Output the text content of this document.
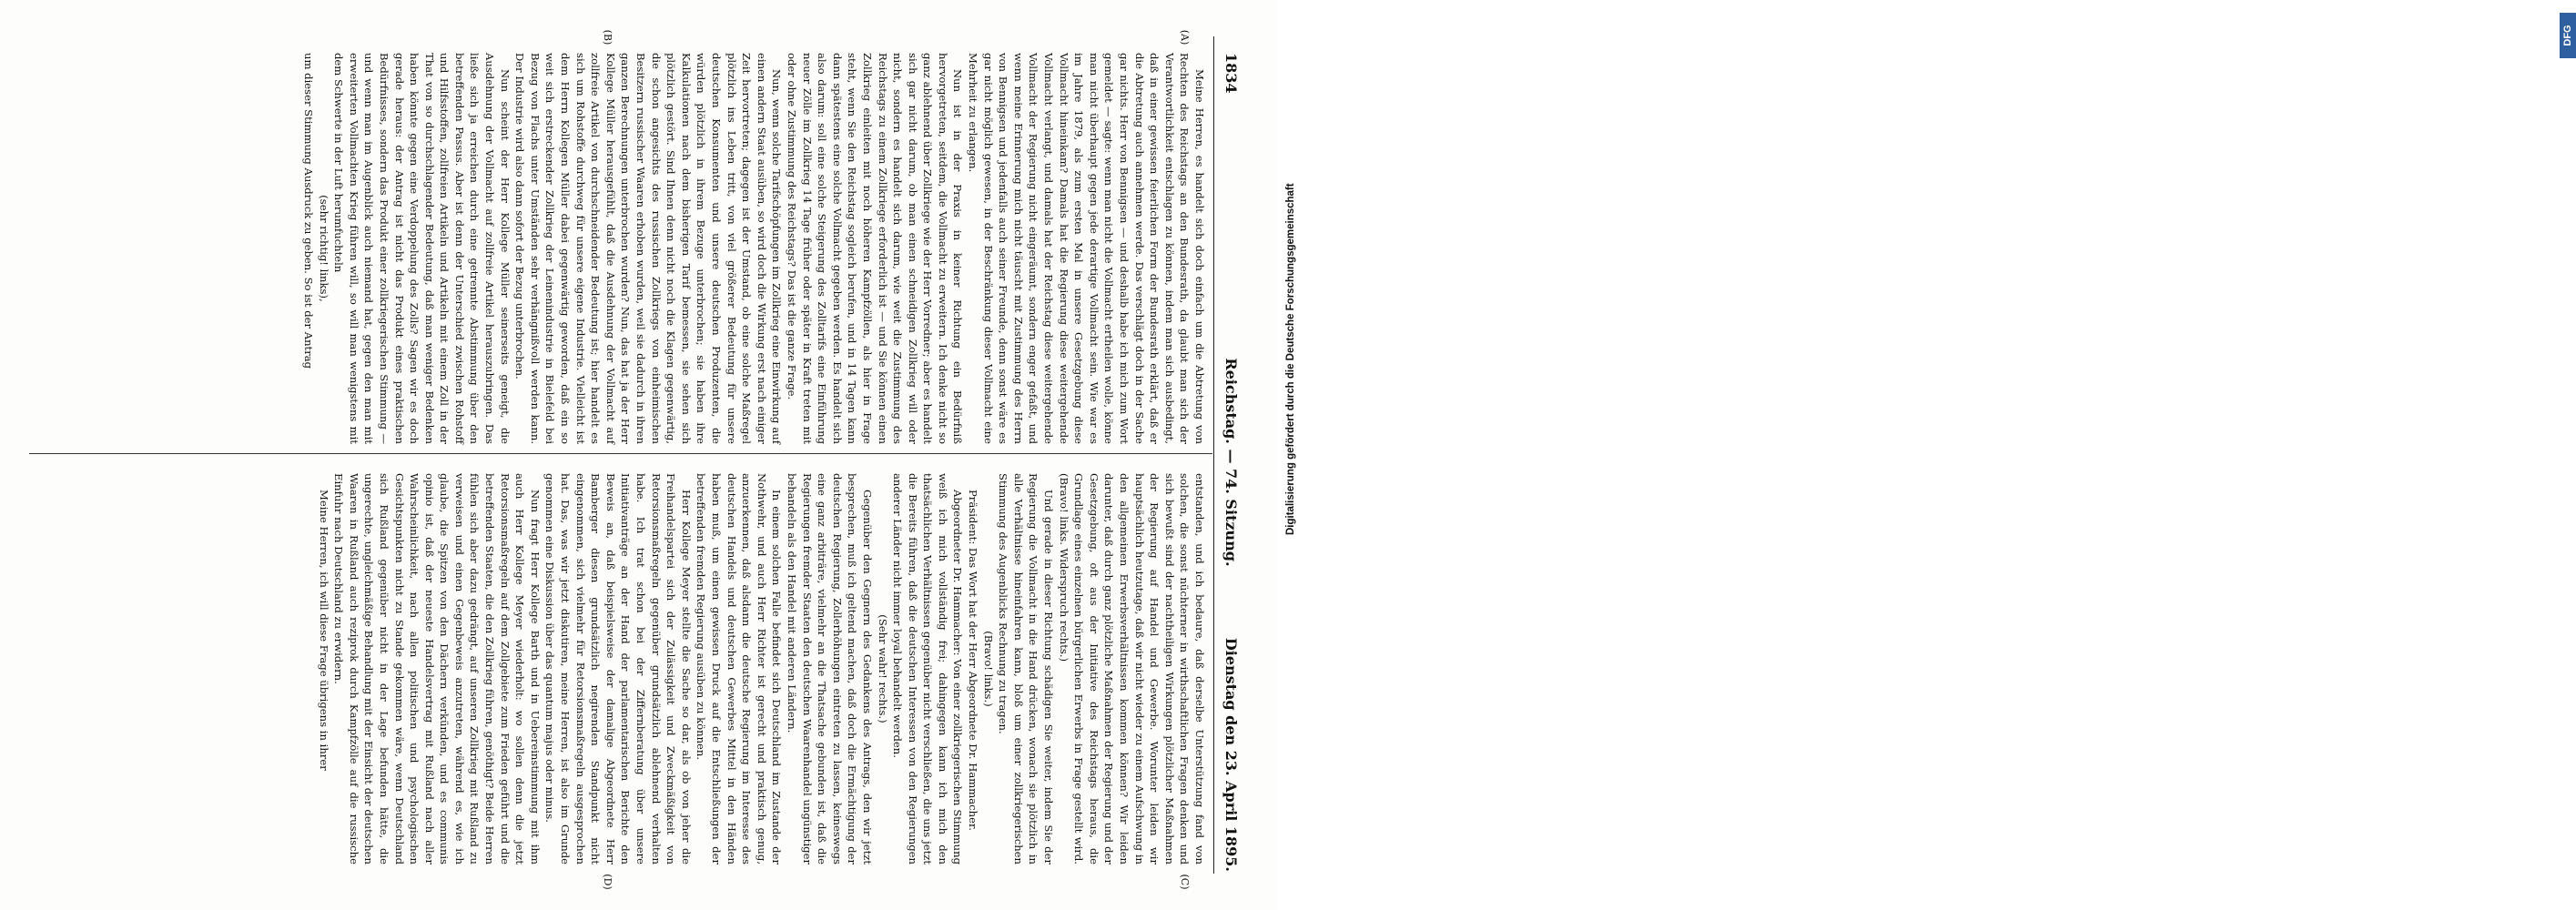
1834
Reichstag. — 74. Sitzung.
Dienstag den 23. April 1895.
(A)
(B)
(C)
(D)

Meine Herren, es handelt sich doch einfach um die Abtretung von Rechten des Reichstags an den Bundesrath, da glaubt man sich der Verantwortlichkeit entschlagen zu können, indem man sich ausbedingt, daß in einer gewissen feierlichen Form der Bundesrath erklärt, daß er die Abtretung auch annehmen werde. Das verschlägt doch in der Sache gar nichts. Herr von Bennigsen — und deshalb habe ich mich zum Wort gemeldet — sagte: wenn man nicht die Vollmacht ertheilen wolle, könne man nicht überhaupt gegen jede derartige Vollmacht sein. Wie war es im Jahre 1879, als zum ersten Mal in unsere Gesetzgebung diese Vollmacht hineinkam? Damals hat die Regierung diese weitergehende Vollmacht verlangt, und damals hat der Reichstag diese weitergehende Vollmacht der Regierung nicht eingeräumt, sondern enger gefaßt, und wenn meine Erinnerung mich nicht täuscht mit Zustimmung des Herrn von Bennigsen und jedenfalls auch seiner Freunde, denn sonst wäre es gar nicht möglich gewesen, in der Beschränkung dieser Vollmacht eine Mehrheit zu erlangen.

Nun ist in der Praxis in keiner Richtung ein Bedürfniß hervorgetreten, seitdem, die Vollmacht zu erweitern. Ich denke nicht so ganz ablehnend über Zollkriege wie der Herr Vorredner; aber es handelt sich gar nicht darum, ob man einen schneidigen Zollkrieg will oder nicht, sondern es handelt sich darum, wie weit die Zustimmung des Reichstags zu einem Zollkriege erforderlich ist — und Sie können einen Zollkrieg einleiten mit noch höheren Kampfzöllen, als hier in Frage steht, wenn Sie den Reichstag sogleich berufen, und in 14 Tagen kann dann spätestens eine solche Vollmacht gegeben werden. Es handelt sich also darum: soll eine solche Steigerung des Zolltarifs eine Einführung neuer Zölle im Zollkrieg 14 Tage früher oder später in Kraft treten mit oder ohne Zustimmung des Reichstags? Das ist die ganze Frage.

Nun, wenn solche Tarifschöpfungen im Zollkrieg eine Einwirkung auf einen andern Staat ausüben, so wird doch die Wirkung erst nach einiger Zeit hervortreten; dagegen ist der Umstand, ob eine solche Maßregel plötzlich ins Leben tritt, von viel größerer Bedeutung für unsere deutschen Konsumenten und unsere deutschen Produzenten, die würden plötzlich in ihrem Bezuge unterbrochen; sie haben ihre Kalkulationen nach dem bisherigen Tarif bemessen, sie sehen sich plötzlich gestört. Sind Ihnen denn nicht noch die Klagen gegenwärtig, die schon angesichts des russischen Zollkriegs von einheimischen Besitzern russischer Waaren erhoben wurden, weil sie dadurch in ihren ganzen Berechnungen unterbrochen wurden? Nun, das hat ja der Herr Kollege Müller herausgefühlt, daß die Ausdehnung der Vollmacht auf zollfreie Artikel von durchschneidender Bedeutung ist; hier handelt es sich um Rohstoffe durchweg für unsere eigene Industrie. Vielleicht ist dem Herrn Kollegen Müller dabei gegenwärtig geworden, daß ein so weit sich erstreckender Zollkrieg der Leinenindustrie in Bielefeld bei Bezug von Flachs unter Umständen sehr verhängnißvoll werden kann. Der Industrie wird also dann sofort der Bezug unterbrochen.

Nun scheint der Herr Kollege Müller seinerseits geneigt, die Ausdehnung der Vollmacht auf zollfreie Artikel herauszubringen. Das ließe sich ja erreichen durch eine getrennte Abstimmung über den betreffenden Passus. Aber ist denn der Unterschied zwischen Rohstoff und Hilfsstoffen, zollfreien Artikeln und Artikeln mit einem Zoll in der That von so durchschlagender Bedeutung, daß man weniger Bedenken haben könnte gegen eine Verdoppelung des Zolls? Sagen wir es doch gerade heraus: der Antrag ist nicht das Produkt eines praktischen Bedürfnisses, sondern das Produkt einer zollkriegerischen Stimmung — und wenn man im Augenblick auch niemand hat, gegen den man mit erweiterten Vollmachten Krieg führen will, so will man wenigstens mit dem Schwerte in der Luft herumfuchteln

(sehr richtig! links),

um dieser Stimmung Ausdruck zu geben. So ist der Antrag

entstanden, und ich bedaure, daß derselbe Unterstützung fand von solchen, die sonst nüchterner in wirthschaftlichen Fragen denken und sich bewußt sind der nachtheiligen Wirkungen plötzlicher Maßnahmen der Regierung auf Handel und Gewerbe. Worunter leiden wir hauptsächlich heutzutage, daß wir nicht wieder zu einem Aufschwung in den allgemeinen Erwerbsverhältnissen kommen können? Wir leiden darunter, daß durch ganz plötzliche Maßnahmen der Regierung und der Gesetzgebung, oft aus der Initiative des Reichstags heraus, die Grundlage eines einzelnen bürgerlichen Erwerbs in Frage gestellt wird. (Bravo! links. Widerspruch rechts.)

Und gerade in dieser Richtung schädigen Sie weiter, indem Sie der Regierung die Vollmacht in die Hand drücken, wonach sie plötzlich in alle Verhältnisse hineinfahren kann, bloß um einer zollkriegerischen Stimmung des Augenblicks Rechnung zu tragen.

(Bravo! links.)

Präsident: Das Wort hat der Herr Abgeordnete Dr. Hammacher.

Abgeordneter Dr. Hammacher: Von einer zollkriegerischen Stimmung weiß ich mich vollständig frei; dahingegen kann ich mich den thatsächlichen Verhältnissen gegenüber nicht verschließen, die uns jetzt die Bereits führen, daß die deutschen Interessen von den Regierungen anderer Länder nicht immer loyal behandelt werden.

(Sehr wahr! rechts.)

Gegenüber den Gegnern des Gedankens des Antrags, den wir jetzt besprechen, muß ich geltend machen, daß doch die Ermächtigung der deutschen Regierung, Zollerhöhungen eintreten zu lassen, keineswegs eine ganz arbiträre, vielmehr an die Thatsache gebunden ist, daß die Regierungen fremder Staaten den deutschen Waarenhandel ungünstiger behandeln als den Handel mit anderen Ländern.

In einem solchen Falle befindet sich Deutschland im Zustande der Nothwehr, und auch Herr Richter ist gerecht und praktisch genug, anzuerkennen, daß alsdann die deutsche Regierung im Interesse des deutschen Handels und deutschen Gewerbes Mittel in den Händen haben muß, um einen gewissen Druck auf die Entschließungen der betreffenden fremden Regierung ausüben zu können.

Herr Kollege Meyer stellte die Sache so dar, als ob von jeher die Freihandelspartei sich der Zulässigkeit und Zweckmäßigkeit von Retorsionsmaßregeln gegenüber grundsätzlich ablehnend verhalten habe. Ich trat schon bei der Ziffernberatung über unsere Initiativanträge an der Hand der parlamentarischen Berichte den Beweis an, daß beispielsweise der damalige Abgeordnete Herr Bamberger diesen grundsätzlich negirenden Standpunkt nicht eingenommen, sich vielmehr für Retorsionsmaßregeln ausgesprochen hat. Das, was wir jetzt diskutiren, meine Herren, ist also im Grunde genommen eine Diskussion über das quantum majus oder minus.

Nun fragt Herr Kollege Barth und in Uebereinstimmung mit ihm auch Herr Kollege Meyer wiederholt: wo sollen denn die jetzt Retorsionsmaßregeln auf dem Zollgebiete zum Frieden geführt und die betreffenden Staaten, die den Zollkrieg führen, genöthigt? Beide Herren fühlen sich aber dazu gedrängt, auf unseren Zollkrieg mit Rußland zu verweisen und einen Gegenbeweis anzutreten, während es, wie ich glaube, die Spitzen von den Dächern verkünden, und es communis opinio ist, daß der neueste Handelsvertrag mit Rußland nach aller Wahrscheinlichkeit, nach allen politischen und psychologischen Gesichtspunkten nicht zu Stande gekommen wäre, wenn Deutschland sich Rußland gegenüber nicht in der Lage befunden hätte, die ungerechte, ungleichmäßige Behandlung mit der Einsicht der deutschen Waaren in Rußland auch reziprok durch Kampfzölle auf die russische Einfuhr nach Deutschland zu erwidern.

Meine Herren, ich will diese Frage übrigens in ihrer

DFG
Digitalisierung gefördert durch die Deutsche Forschungsgemeinschaft
